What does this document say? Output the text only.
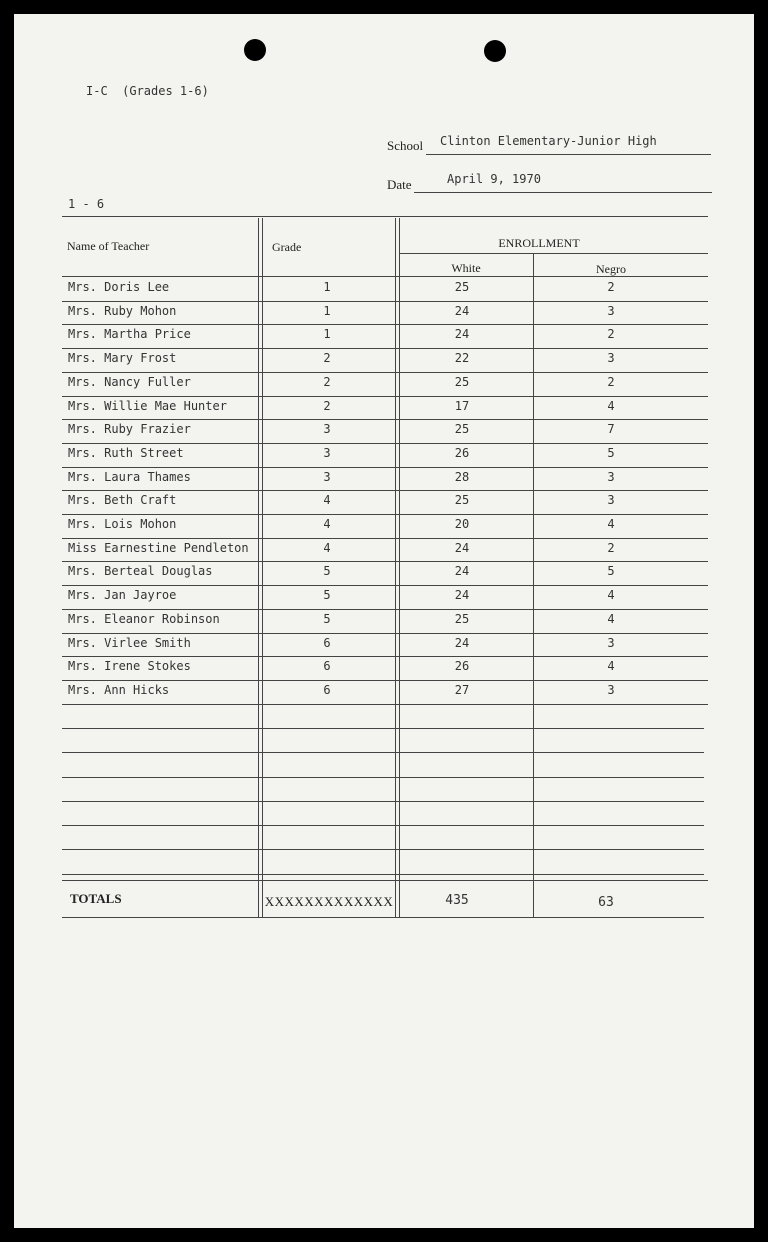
I-C  (Grades 1-6)
School Clinton Elementary-Junior High
Date	April 9, 1970
1 - 6
Name of Teacher	Grade	ENROLLMENT
White	Negro
Mrs. Doris Lee	1	25	2
Mrs. Ruby Mohon	1	24	3
Mrs. Martha Price	1	24	2
Mrs. Mary Frost	2	22	3
Mrs. Nancy Fuller	2	25	2
Mrs. Willie Mae Hunter	2	17	4
Mrs. Ruby Frazier	3	25	7
Mrs. Ruth Street	3	26	5
Mrs. Laura Thames	3	28	3
Mrs. Beth Craft	4	25	3
Mrs. Lois Mohon	4	20	4
Miss Earnestine Pendleton	4	24	2
Mrs. Berteal Douglas	5	24	5
Mrs. Jan Jayroe	5	24	4
Mrs. Eleanor Robinson	5	25	4
Mrs. Virlee Smith	6	24	3
Mrs. Irene Stokes	6	26	4
Mrs. Ann Hicks	6	27	3
TOTALS	XXXXXXXXXXXXX	435	63
